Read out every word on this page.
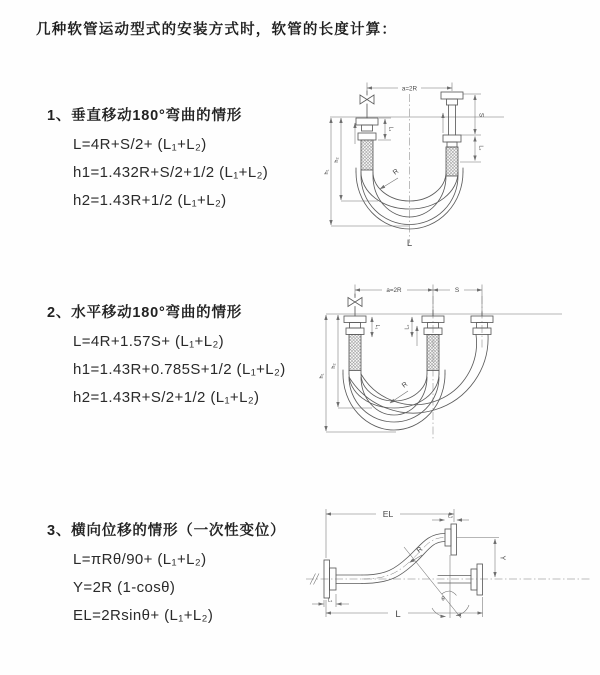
几种软管运动型式的安装方式时，软管的长度计算：
1、垂直移动180°弯曲的情形
L=4R+S/2+ (L₁+L₂)
h1=1.432R+S/2+1/2 (L₁+L₂)
h2=1.43R+1/2 (L₁+L₂)
2、水平移动180°弯曲的情形
L=4R+1.57S+ (L₁+L₂)
h1=1.43R+0.785S+1/2 (L₁+L₂)
h2=1.43R+S/2+1/2 (L₁+L₂)
3、横向位移的情形（一次性变位）
L=πRθ/90+ (L₁+L₂)
Y=2R (1-cosθ)
EL=2Rsinθ+ (L₁+L₂)
a=2R
S
L₂
L₁
h₁
h₂
R
L
a=2R	S
L₁	L₂
h₁
h₂
R
EL	L₂
Y
R
θ
L₁
L
